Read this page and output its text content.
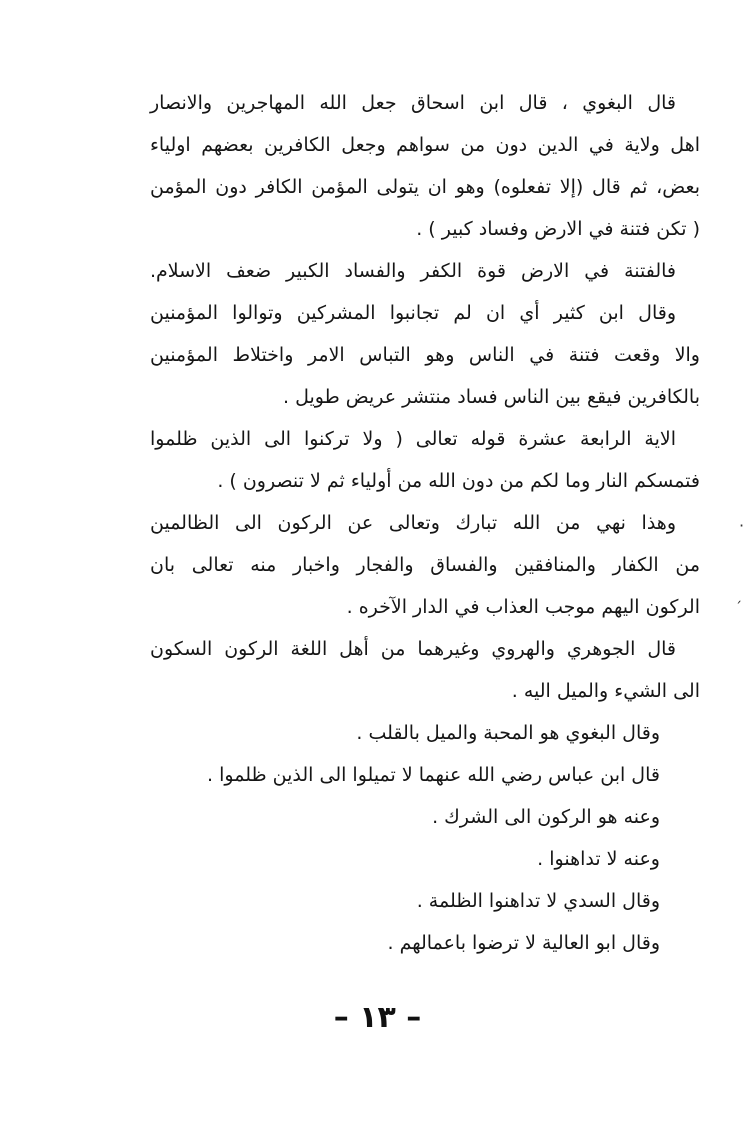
قال البغوي ، قال ابن اسحاق جعل الله المهاجرين والانصار
اهل ولاية في الدين دون من سواهم وجعل الكافرين بعضهم اولياء
بعض، ثم قال (إلا تفعلوه) وهو ان يتولى المؤمن الكافر دون المؤمن
( تكن فتنة في الارض وفساد كبير ) .
فالفتنة في الارض قوة الكفر والفساد الكبير ضعف الاسلام.
وقال ابن كثير أي ان لم تجانبوا المشركين وتوالوا المؤمنين
والا وقعت فتنة في الناس وهو التباس الامر واختلاط المؤمنين
بالكافرين فيقع بين الناس فساد منتشر عريض طويل .
الاية الرابعة عشرة قوله تعالى ( ولا تركنوا الى الذين ظلموا
فتمسكم النار وما لكم من دون الله من أولياء ثم لا تنصرون ) .
وهذا نهي من الله تبارك وتعالى عن الركون الى الظالمين
من الكفار والمنافقين والفساق والفجار واخبار منه تعالى بان
الركون اليهم موجب العذاب في الدار الآخره .
قال الجوهري والهروي وغيرهما من أهل اللغة الركون السكون
الى الشيء والميل اليه .
وقال البغوي هو المحبة والميل بالقلب .
قال ابن عباس رضي الله عنهما لا تميلوا الى الذين ظلموا .
وعنه هو الركون الى الشرك .
وعنه لا تداهنوا .
وقال السدي لا تداهنوا الظلمة .
وقال ابو العالية لا ترضوا باعمالهم .
– ١٣ –
·
ˏ
